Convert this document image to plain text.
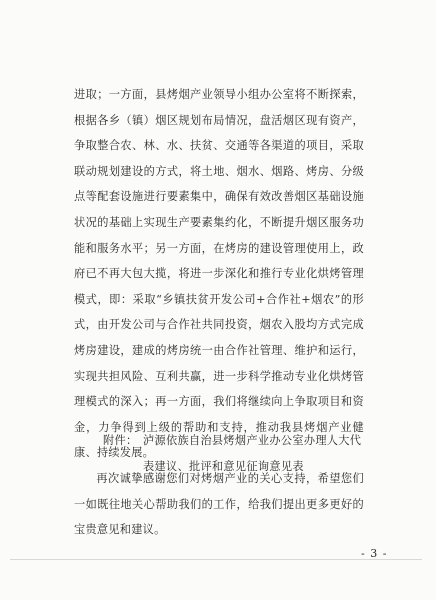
进取；一方面，县烤烟产业领导小组办公室将不断探索，根据各乡（镇）烟区规划布局情况，盘活烟区现有资产，争取整合农、林、水、扶贫、交通等各渠道的项目，采取联动规划建设的方式，将土地、烟水、烟路、烤房、分级点等配套设施进行要素集中，确保有效改善烟区基础设施状况的基础上实现生产要素集约化，不断提升烟区服务功能和服务水平；另一方面，在烤房的建设管理使用上，政府已不再大包大揽，将进一步深化和推行专业化烘烤管理模式，即：采取“乡镇扶贫开发公司+合作社+烟农”的形式，由开发公司与合作社共同投资，烟农入股均方式完成烤房建设，建成的烤房统一由合作社管理、维护和运行，实现共担风险、互利共赢，进一步科学推动专业化烘烤管理模式的深入；再一方面，我们将继续向上争取项目和资金，力争得到上级的帮助和支持，推动我县烤烟产业健康、持续发展。

再次诚挚感谢您们对烤烟产业的关心支持，希望您们一如既往地关心帮助我们的工作，给我们提出更多更好的宝贵意见和建议。

附件： 泸源依族自治县烤烟产业办公室办理人大代表建议、批评和意见征询意见表
- 3 -
